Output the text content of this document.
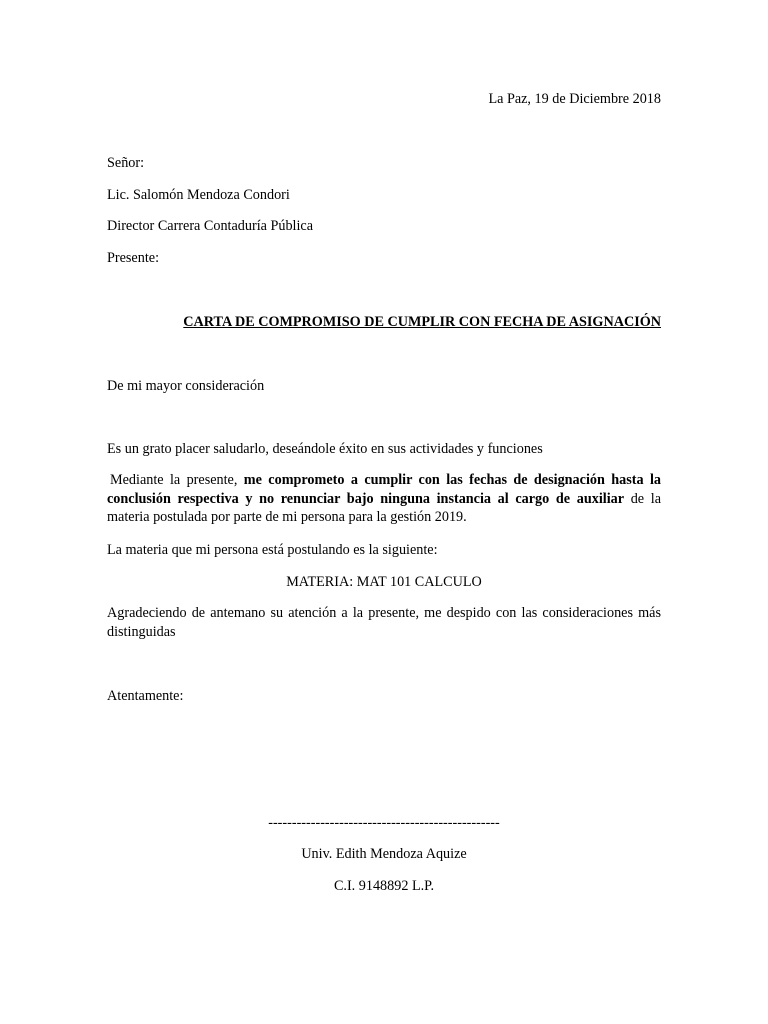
La Paz, 19 de Diciembre 2018
Señor:
Lic. Salomón Mendoza Condori
Director Carrera Contaduría Pública
Presente:
CARTA DE COMPROMISO DE CUMPLIR CON FECHA DE ASIGNACIÓN
De mi mayor consideración
Es un grato placer saludarlo, deseándole éxito en sus actividades y funciones
Mediante la presente, me comprometo a cumplir con las fechas de designación hasta la conclusión respectiva y no renunciar bajo ninguna instancia al cargo de auxiliar de la materia postulada por parte de mi persona para la gestión 2019.
La materia que mi persona está postulando es la siguiente:
MATERIA: MAT 101 CALCULO
Agradeciendo de antemano su atención a la presente, me despido con las consideraciones más distinguidas
Atentamente:
-------------------------------------------------
Univ. Edith Mendoza Aquize
C.I. 9148892 L.P.
